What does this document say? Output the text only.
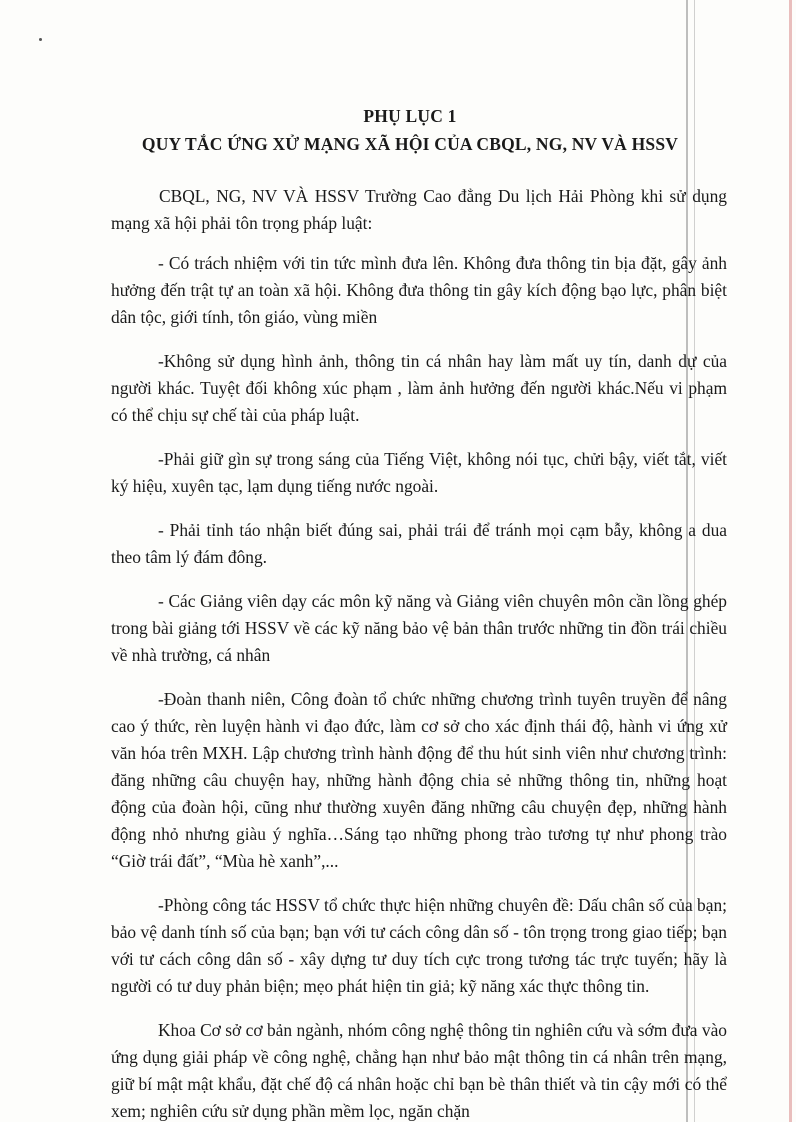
PHỤ LỤC 1
QUY TẮC ỨNG XỬ MẠNG XÃ HỘI CỦA CBQL, NG, NV VÀ HSSV

CBQL, NG, NV VÀ HSSV Trường Cao đẳng Du lịch Hải Phòng khi sử dụng mạng xã hội phải tôn trọng pháp luật:

- Có trách nhiệm với tin tức mình đưa lên. Không đưa thông tin bịa đặt, gây ảnh hưởng đến trật tự an toàn xã hội. Không đưa thông tin gây kích động bạo lực, phân biệt dân tộc, giới tính, tôn giáo, vùng miền

-Không sử dụng hình ảnh, thông tin cá nhân hay làm mất uy tín, danh dự của người khác. Tuyệt đối không xúc phạm , làm ảnh hưởng đến người khác.Nếu vi phạm có thể chịu sự chế tài của pháp luật.

-Phải giữ gìn sự trong sáng của Tiếng Việt, không nói tục, chửi bậy, viết tắt, viết ký hiệu, xuyên tạc, lạm dụng tiếng nước ngoài.

- Phải tỉnh táo nhận biết đúng sai, phải trái để tránh mọi cạm bẫy, không a dua theo tâm lý đám đông.

- Các Giảng viên dạy các môn kỹ năng và Giảng viên chuyên môn cần lồng ghép trong bài giảng tới HSSV về các kỹ năng bảo vệ bản thân trước những tin đồn trái chiều về nhà trường, cá nhân

-Đoàn thanh niên, Công đoàn tổ chức những chương trình tuyên truyền để nâng cao ý thức, rèn luyện hành vi đạo đức, làm cơ sở cho xác định thái độ, hành vi ứng xử văn hóa trên MXH. Lập chương trình hành động để thu hút sinh viên như chương trình: đăng những câu chuyện hay, những hành động chia sẻ những thông tin, những hoạt động của đoàn hội, cũng như thường xuyên đăng những câu chuyện đẹp, những hành động nhỏ nhưng giàu ý nghĩa…Sáng tạo những phong trào tương tự như phong trào “Giờ trái đất”, “Mùa hè xanh”,...

-Phòng công tác HSSV tổ chức thực hiện những chuyên đề: Dấu chân số của bạn; bảo vệ danh tính số của bạn; bạn với tư cách công dân số - tôn trọng trong giao tiếp; bạn với tư cách công dân số - xây dựng tư duy tích cực trong tương tác trực tuyến; hãy là người có tư duy phản biện; mẹo phát hiện tin giả; kỹ năng xác thực thông tin.

Khoa Cơ sở cơ bản ngành, nhóm công nghệ thông tin nghiên cứu và sớm đưa vào ứng dụng giải pháp về công nghệ, chẳng hạn như bảo mật thông tin cá nhân trên mạng, giữ bí mật mật khẩu, đặt chế độ cá nhân hoặc chỉ bạn bè thân thiết và tin cậy mới có thể xem; nghiên cứu sử dụng phần mềm lọc, ngăn chặn
